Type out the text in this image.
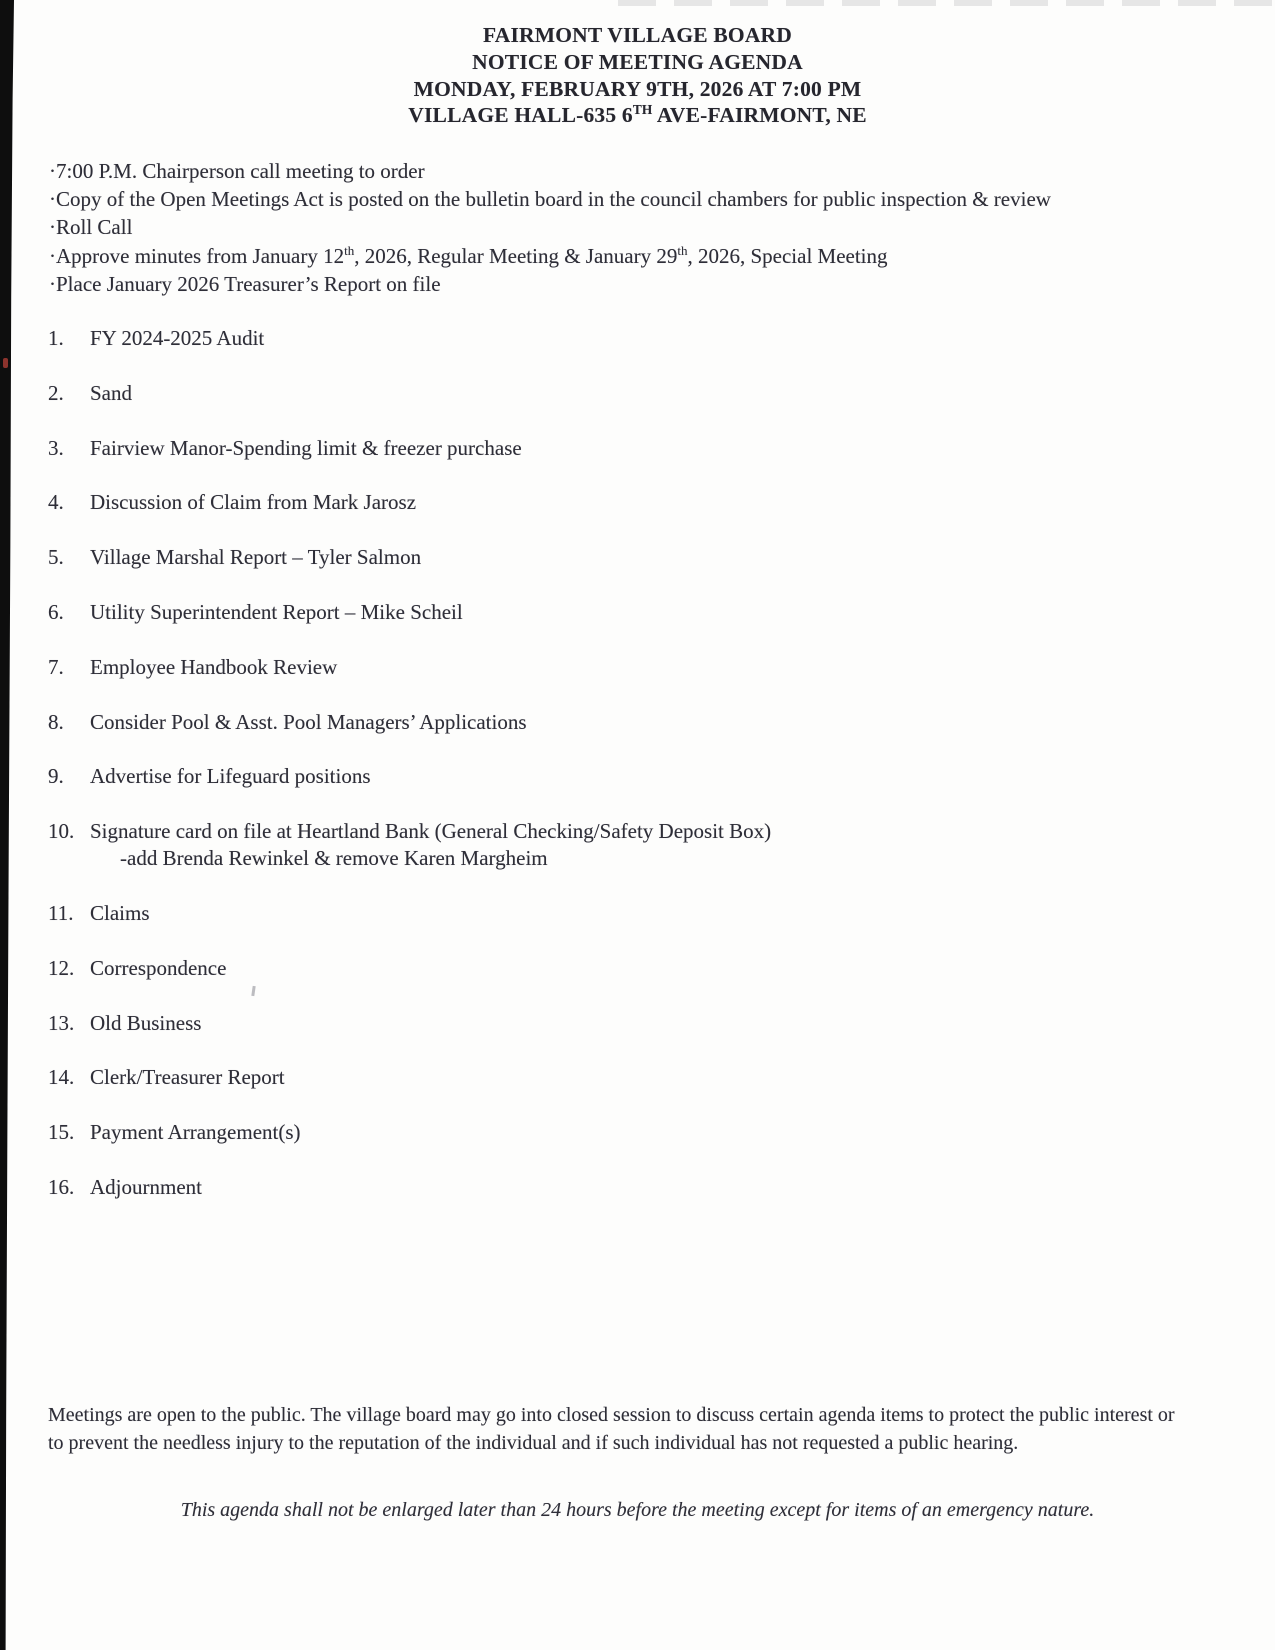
FAIRMONT VILLAGE BOARD
NOTICE OF MEETING AGENDA
MONDAY, FEBRUARY 9TH, 2026 AT 7:00 PM
VILLAGE HALL-635 6TH AVE-FAIRMONT, NE
·7:00 P.M. Chairperson call meeting to order
·Copy of the Open Meetings Act is posted on the bulletin board in the council chambers for public inspection & review
·Roll Call
·Approve minutes from January 12th, 2026, Regular Meeting & January 29th, 2026, Special Meeting
·Place January 2026 Treasurer’s Report on file
1.	FY 2024-2025 Audit
2.	Sand
3.	Fairview Manor-Spending limit & freezer purchase
4.	Discussion of Claim from Mark Jarosz
5.	Village Marshal Report – Tyler Salmon
6.	Utility Superintendent Report – Mike Scheil
7.	Employee Handbook Review
8.	Consider Pool & Asst. Pool Managers’ Applications
9.	Advertise for Lifeguard positions
10. Signature card on file at Heartland Bank (General Checking/Safety Deposit Box)
-add Brenda Rewinkel & remove Karen Margheim
11. Claims
12. Correspondence
13. Old Business
14. Clerk/Treasurer Report
15. Payment Arrangement(s)
16. Adjournment

Meetings are open to the public. The village board may go into closed session to discuss certain agenda items to protect the public interest or to prevent the needless injury to the reputation of the individual and if such individual has not requested a public hearing.

This agenda shall not be enlarged later than 24 hours before the meeting except for items of an emergency nature.
